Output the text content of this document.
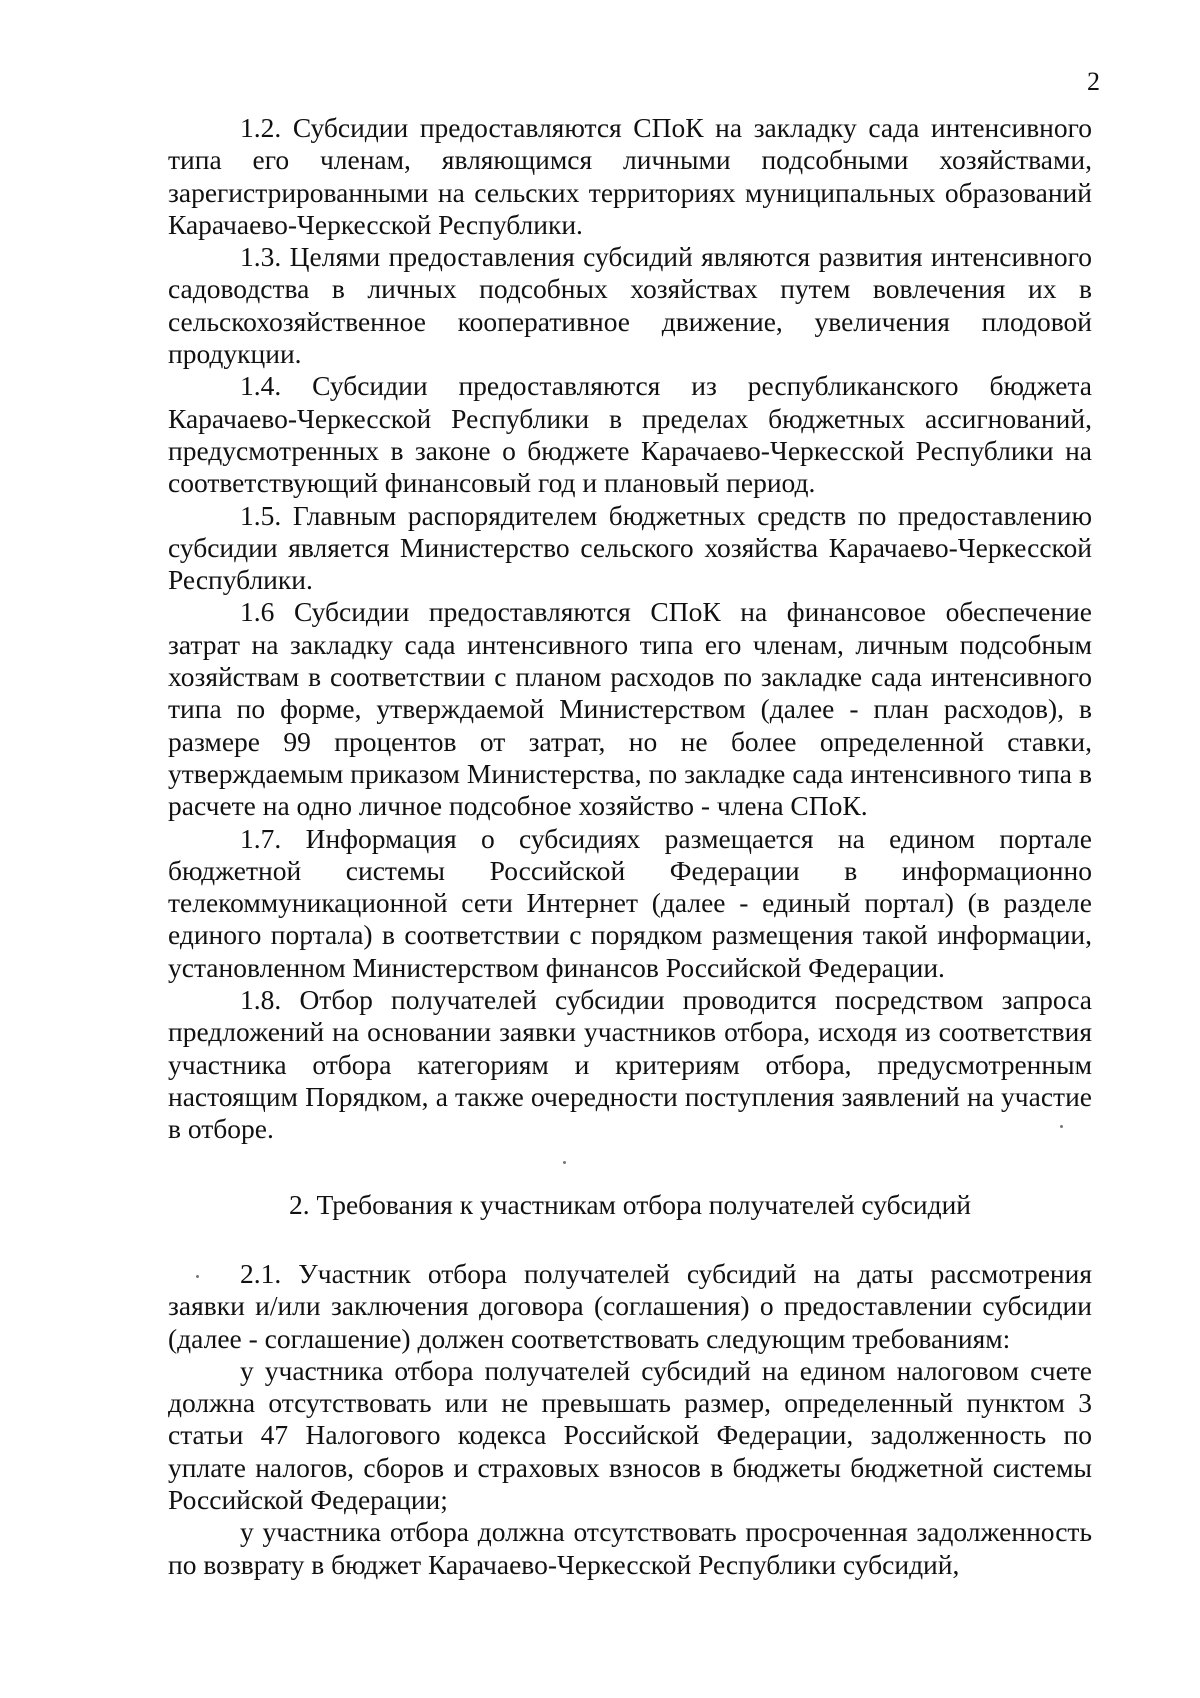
2

1.2. Субсидии предоставляются СПоК на закладку сада интенсивного типа его членам, являющимся личными подсобными хозяйствами, зарегистрированными на сельских территориях муниципальных образований Карачаево-Черкесской Республики.

1.3. Целями предоставления субсидий являются развития интенсивного садоводства в личных подсобных хозяйствах путем вовлечения их в сельскохозяйственное кооперативное движение, увеличения плодовой продукции.

1.4. Субсидии предоставляются из республиканского бюджета Карачаево-Черкесской Республики в пределах бюджетных ассигнований, предусмотренных в законе о бюджете Карачаево-Черкесской Республики на соответствующий финансовый год и плановый период.

1.5. Главным распорядителем бюджетных средств по предоставлению субсидии является Министерство сельского хозяйства Карачаево-Черкесской Республики.

1.6 Субсидии предоставляются СПоК на финансовое обеспечение затрат на закладку сада интенсивного типа его членам, личным подсобным хозяйствам в соответствии с планом расходов по закладке сада интенсивного типа по форме, утверждаемой Министерством (далее - план расходов), в размере 99 процентов от затрат, но не более определенной ставки, утверждаемым приказом Министерства, по закладке сада интенсивного типа в расчете на одно личное подсобное хозяйство - члена СПоК.

1.7. Информация о субсидиях размещается на едином портале бюджетной системы Российской Федерации в информационно телекоммуникационной сети Интернет (далее - единый портал) (в разделе единого портала) в соответствии с порядком размещения такой информации, установленном Министерством финансов Российской Федерации.

1.8. Отбор получателей субсидии проводится посредством запроса предложений на основании заявки участников отбора, исходя из соответствия участника отбора категориям и критериям отбора, предусмотренным настоящим Порядком, а также очередности поступления заявлений на участие в отборе.

2. Требования к участникам отбора получателей субсидий

2.1. Участник отбора получателей субсидий на даты рассмотрения заявки и/или заключения договора (соглашения) о предоставлении субсидии (далее - соглашение) должен соответствовать следующим требованиям:

у участника отбора получателей субсидий на едином налоговом счете должна отсутствовать или не превышать размер, определенный пунктом 3 статьи 47 Налогового кодекса Российской Федерации, задолженность по уплате налогов, сборов и страховых взносов в бюджеты бюджетной системы Российской Федерации;

у участника отбора должна отсутствовать просроченная задолженность по возврату в бюджет Карачаево-Черкесской Республики субсидий,
